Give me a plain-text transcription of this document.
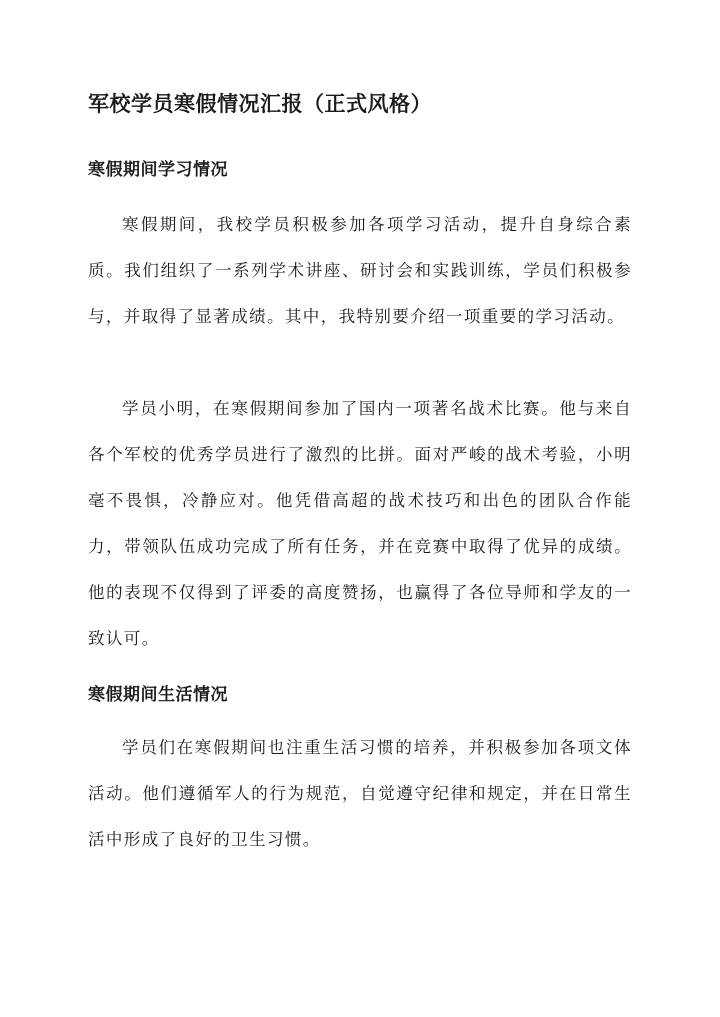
军校学员寒假情况汇报（正式风格）
寒假期间学习情况

寒假期间，我校学员积极参加各项学习活动，提升自身综合素质。我们组织了一系列学术讲座、研讨会和实践训练，学员们积极参与，并取得了显著成绩。其中，我特别要介绍一项重要的学习活动。

学员小明，在寒假期间参加了国内一项著名战术比赛。他与来自各个军校的优秀学员进行了激烈的比拼。面对严峻的战术考验，小明毫不畏惧，冷静应对。他凭借高超的战术技巧和出色的团队合作能力，带领队伍成功完成了所有任务，并在竞赛中取得了优异的成绩。他的表现不仅得到了评委的高度赞扬，也赢得了各位导师和学友的一致认可。

寒假期间生活情况

学员们在寒假期间也注重生活习惯的培养，并积极参加各项文体活动。他们遵循军人的行为规范，自觉遵守纪律和规定，并在日常生活中形成了良好的卫生习惯。
